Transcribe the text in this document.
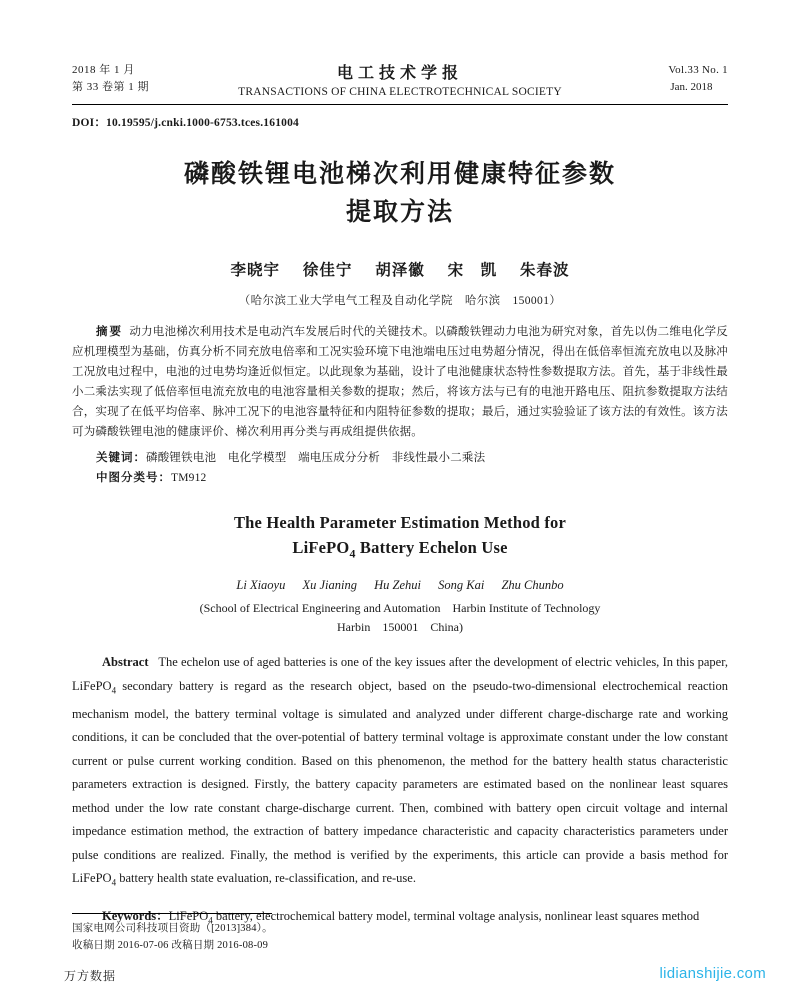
2018 年 1 月
第 33 卷第 1 期
电工技术学报
TRANSACTIONS OF CHINA ELECTROTECHNICAL SOCIETY
Vol.33 No. 1
Jan. 2018
DOI：10.19595/j.cnki.1000-6753.tces.161004
磷酸铁锂电池梯次利用健康特征参数
提取方法
李晓宇 徐佳宁 胡泽徽 宋　凯 朱春波
（哈尔滨工业大学电气工程及自动化学院　哈尔滨　150001）
摘要 动力电池梯次利用技术是电动汽车发展后时代的关键技术。以磷酸铁锂动力电池为研究对象，首先以伪二维电化学反应机理模型为基础，仿真分析不同充放电倍率和工况实验环境下电池端电压过电势超分情况，得出在低倍率恒流充放电以及脉冲工况放电过程中，电池的过电势均逢近似恒定。以此现象为基础，设计了电池健康状态特性参数提取方法。首先，基于非线性最小二乘法实现了低倍率恒电流充放电的电池容量相关参数的提取；然后，将该方法与已有的电池开路电压、阻抗参数提取方法结合，实现了在低平均倍率、脉冲工况下的电池容量特征和内阻特征参数的提取；最后，通过实验验证了该方法的有效性。该方法可为磷酸铁锂电池的健康评价、梯次利用再分类与再成组提供依据。
关键词：磷酸锂铁电池　电化学模型　端电压成分分析　非线性最小二乘法
中图分类号：TM912
The Health Parameter Estimation Method for
LiFePO$_4$ Battery Echelon Use
Li Xiaoyu Xu Jianing Hu Zehui Song Kai Zhu Chunbo
(School of Electrical Engineering and Automation　Harbin Institute of Technology
Harbin　150001　China)
Abstract The echelon use of aged batteries is one of the key issues after the development of electric vehicles, In this paper, LiFePO$_4$ secondary battery is regard as the research object, based on the pseudo-two-dimensional electrochemical reaction mechanism model, the battery terminal voltage is simulated and analyzed under different charge-discharge rate and working conditions, it can be concluded that the over-potential of battery terminal voltage is approximate constant under the low constant current or pulse current working condition. Based on this phenomenon, the method for the battery health status characteristic parameters extraction is designed. Firstly, the battery capacity parameters are estimated based on the nonlinear least squares method under the low rate constant charge-discharge current. Then, combined with battery open circuit voltage and internal impedance estimation method, the extraction of battery impedance characteristic and capacity characteristics parameters under pulse conditions are realized. Finally, the method is verified by the experiments, this article can provide a basis method for LiFePO$_4$ battery health state evaluation, re-classification, and re-use.
Keywords：LiFePO$_4$ battery, electrochemical battery model, terminal voltage analysis, nonlinear least squares method
国家电网公司科技项目资助（[2013]384）。
收稿日期 2016-07-06 改稿日期 2016-08-09
万方数据	lidianshijie.com
